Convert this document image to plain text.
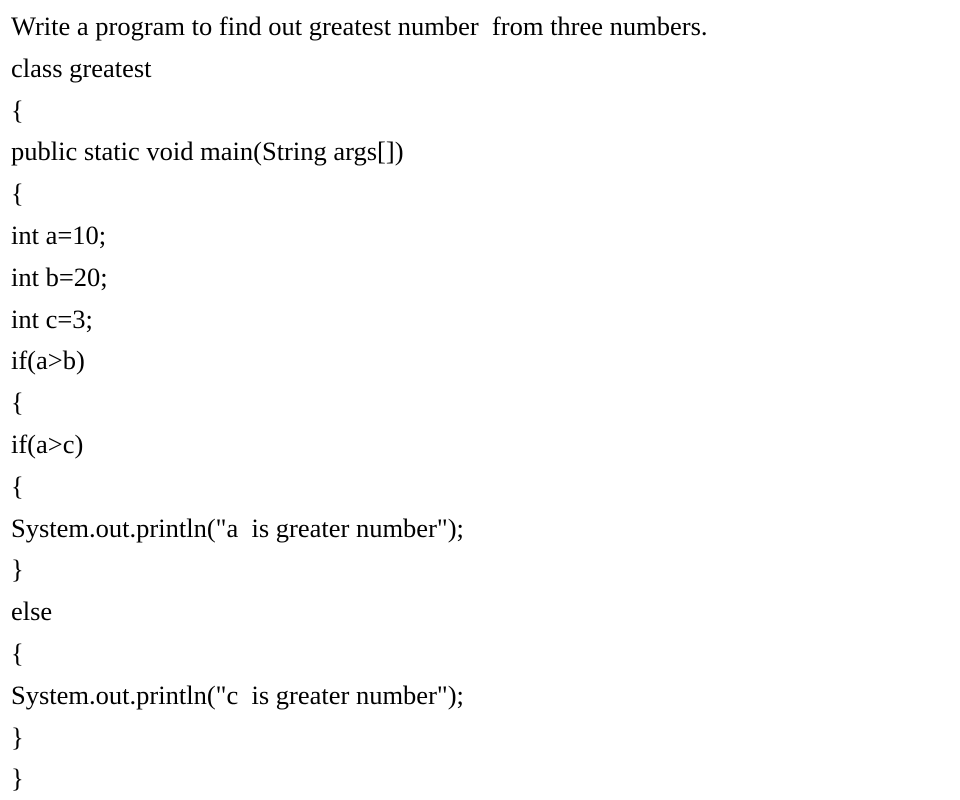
Write a program to find out greatest number  from three numbers.

class greatest

{

public static void main(String args[])

{

int a=10;

int b=20;

int c=3;

if(a>b)

{

if(a>c)

{

System.out.println("a  is greater number");

}

else

{

System.out.println("c  is greater number");

}

}
